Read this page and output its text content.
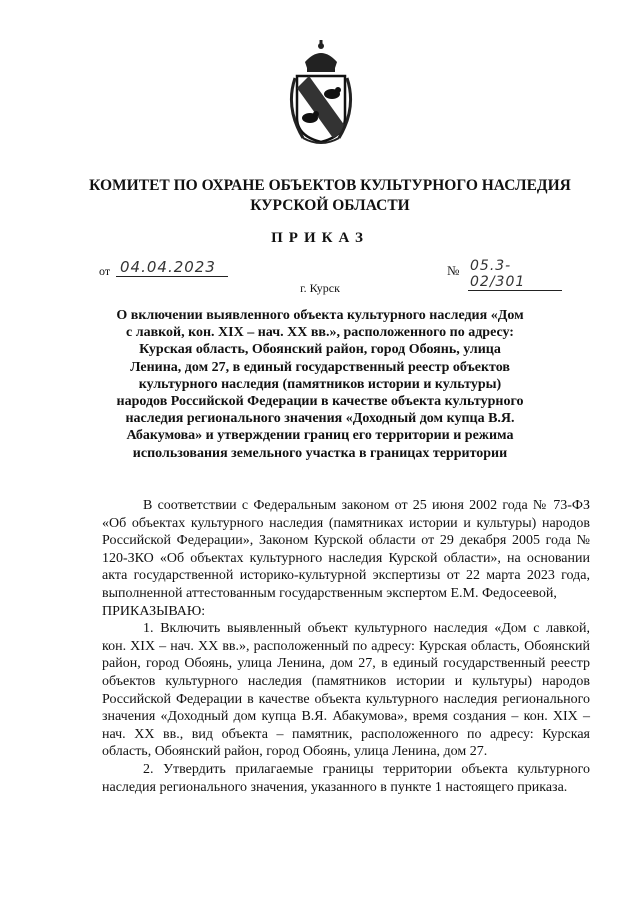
КОМИТЕТ ПО ОХРАНЕ ОБЪЕКТОВ КУЛЬТУРНОГО НАСЛЕДИЯ
КУРСКОЙ ОБЛАСТИ
ПРИКАЗ
от 04.04.2023	№ 05.3-02/301
г. Курск
О включении выявленного объекта культурного наследия «Дом с лавкой, кон. XIX – нач. XX вв.», расположенного по адресу: Курская область, Обоянский район, город Обоянь, улица Ленина, дом 27, в единый государственный реестр объектов культурного наследия (памятников истории и культуры) народов Российской Федерации в качестве объекта культурного наследия регионального значения «Доходный дом купца В.Я. Абакумова» и утверждении границ его территории и режима использования земельного участка в границах территории

В соответствии с Федеральным законом от 25 июня 2002 года № 73-ФЗ «Об объектах культурного наследия (памятниках истории и культуры) народов Российской Федерации», Законом Курской области от 29 декабря 2005 года № 120-ЗКО «Об объектах культурного наследия Курской области», на основании акта государственной историко-культурной экспертизы от 22 марта 2023 года, выполненной аттестованным государственным экспертом Е.М. Федосеевой,

ПРИКАЗЫВАЮ:

1. Включить выявленный объект культурного наследия «Дом с лавкой, кон. XIX – нач. XX вв.», расположенный по адресу: Курская область, Обоянский район, город Обоянь, улица Ленина, дом 27, в единый государственный реестр объектов культурного наследия (памятников истории и культуры) народов Российской Федерации в качестве объекта культурного наследия регионального значения «Доходный дом купца В.Я. Абакумова», время создания – кон. XIX – нач. XX вв., вид объекта – памятник, расположенного по адресу: Курская область, Обоянский район, город Обоянь, улица Ленина, дом 27.

2. Утвердить прилагаемые границы территории объекта культурного наследия регионального значения, указанного в пункте 1 настоящего приказа.
